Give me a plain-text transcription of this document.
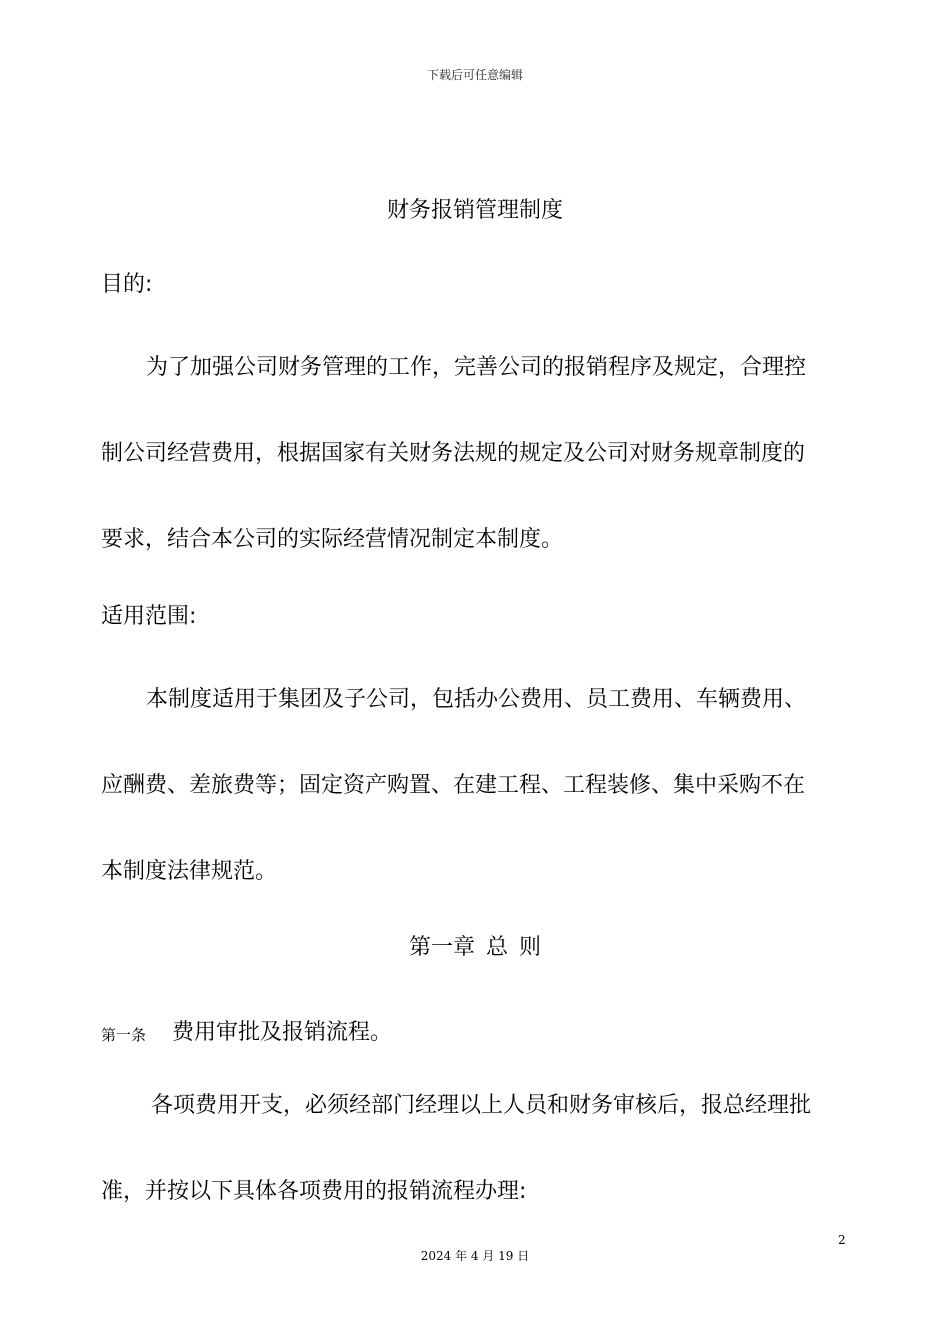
下载后可任意编辑
财务报销管理制度
目的:
为了加强公司财务管理的工作，完善公司的报销程序及规定，合理控
制公司经营费用，根据国家有关财务法规的规定及公司对财务规章制度的
要求，结合本公司的实际经营情况制定本制度。
适用范围:
本制度适用于集团及子公司，包括办公费用、员工费用、车辆费用、
应酬费、差旅费等；固定资产购置、在建工程、工程装修、集中采购不在
本制度法律规范。
第一章 总 则
第一条 费用审批及报销流程。
各项费用开支，必须经部门经理以上人员和财务审核后，报总经理批
准，并按以下具体各项费用的报销流程办理:
2
2024 年 4 月 19 日
